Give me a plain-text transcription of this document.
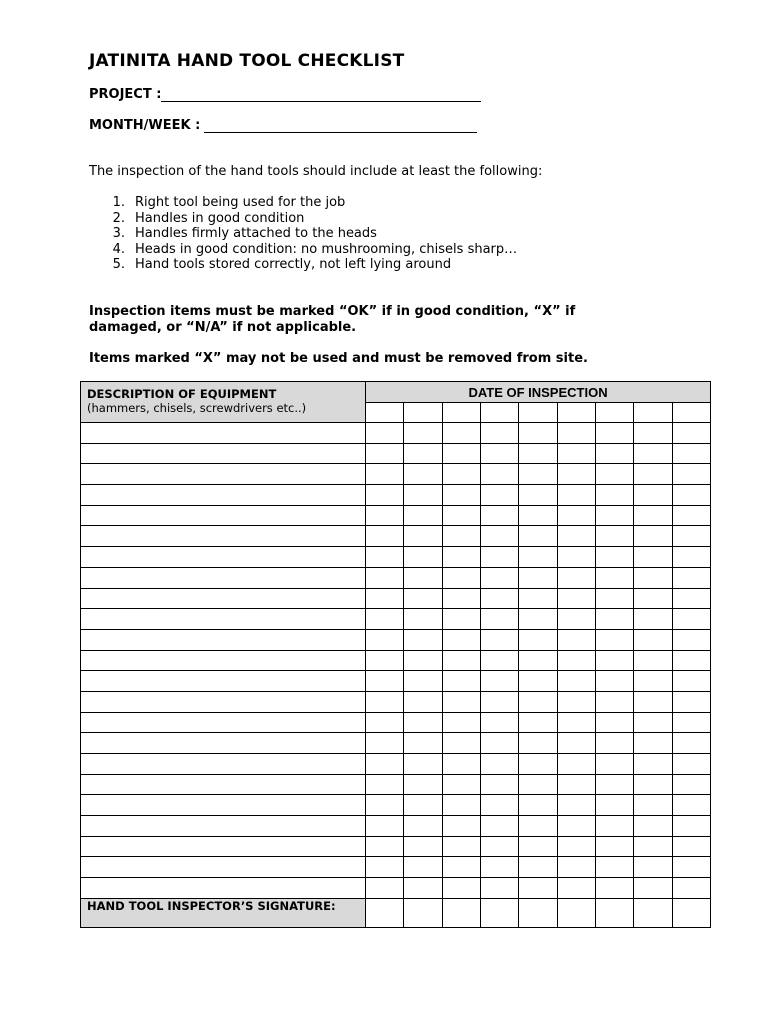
JATINITA HAND TOOL CHECKLIST
PROJECT :
MONTH/WEEK :
The inspection of the hand tools should include at least the following:
1. Right tool being used for the job
2. Handles in good condition
3. Handles firmly attached to the heads
4. Heads in good condition: no mushrooming, chisels sharp…
5. Hand tools stored correctly, not left lying around
Inspection items must be marked “OK” if in good condition, “X” if damaged, or “N/A” if not applicable.
Items marked “X” may not be used and must be removed from site.
DESCRIPTION OF EQUIPMENT
(hammers, chisels, screwdrivers etc..)	DATE OF INSPECTION								

HAND TOOL INSPECTOR’S SIGNATURE:									
